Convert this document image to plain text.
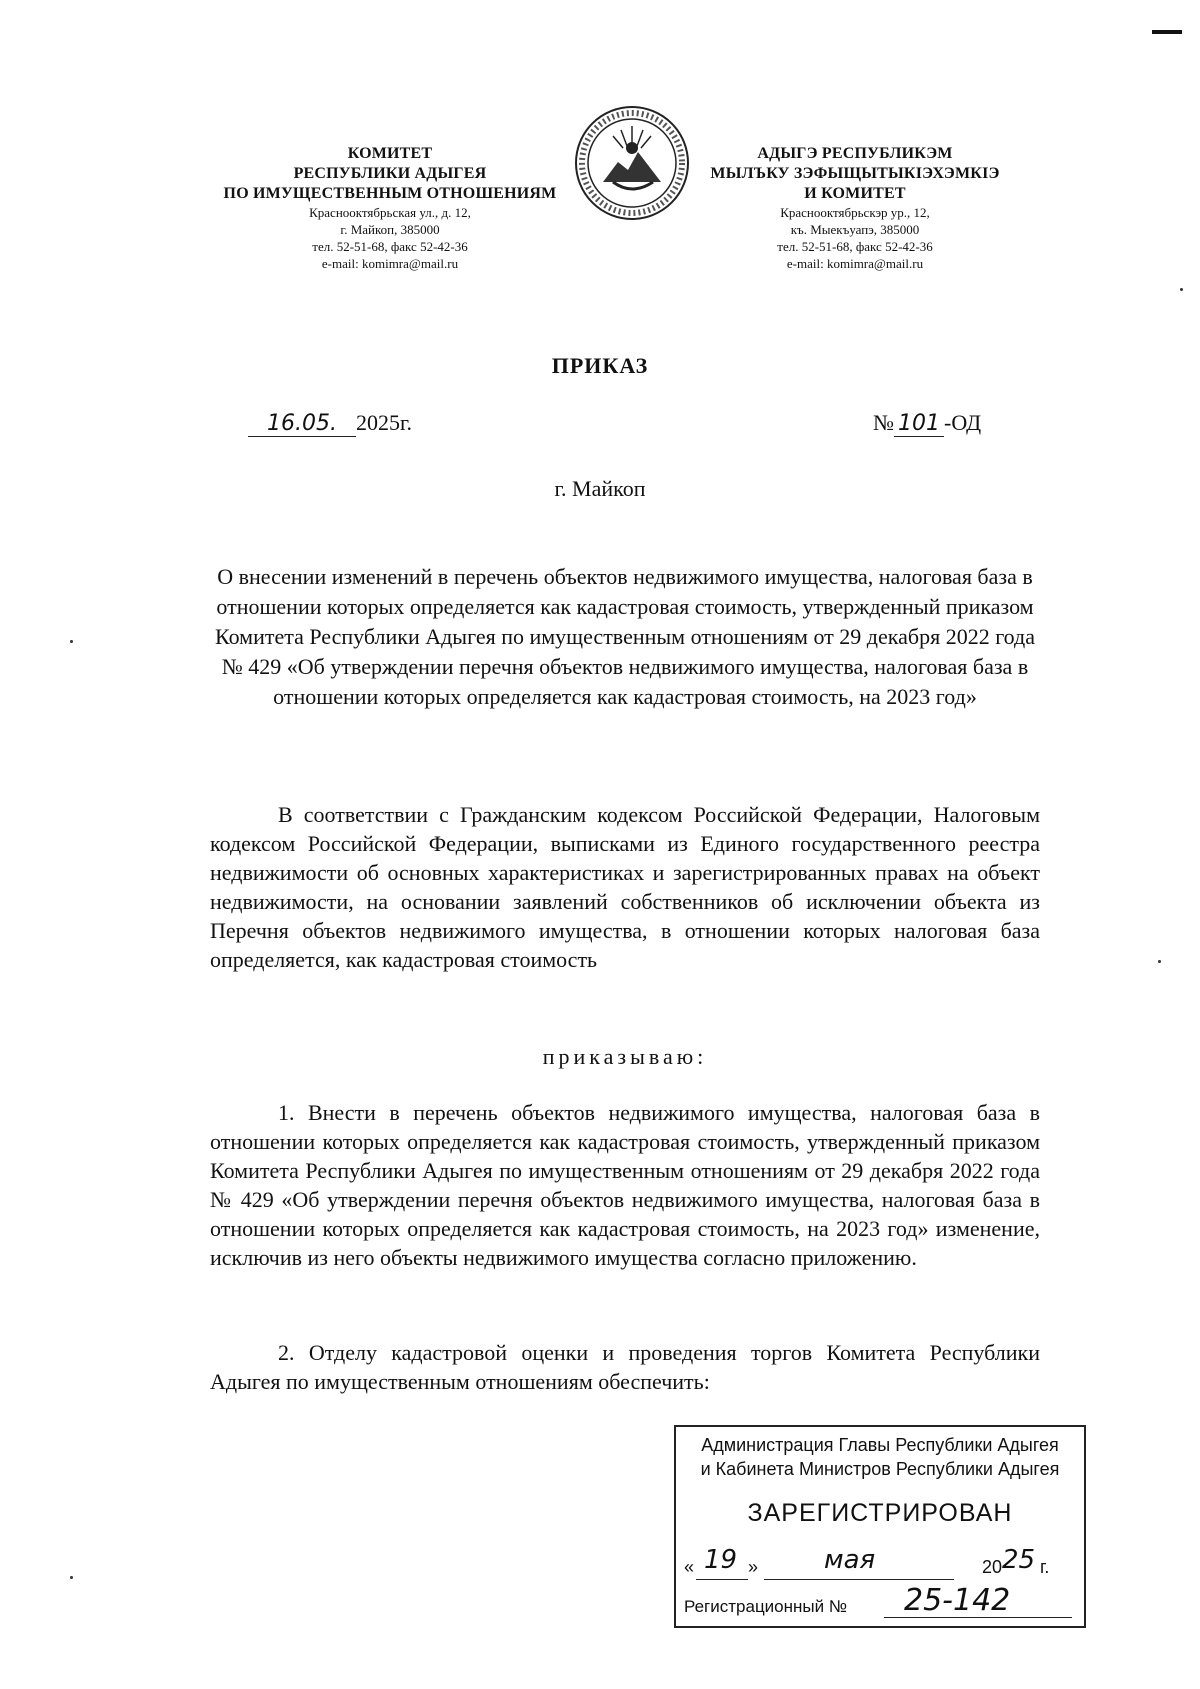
КОМИТЕТ
РЕСПУБЛИКИ АДЫГЕЯ
ПО ИМУЩЕСТВЕННЫМ ОТНОШЕНИЯМ
Краснооктябрьская ул., д. 12,
г. Майкоп, 385000
тел. 52-51-68, факс 52-42-36
e-mail: komimra@mail.ru
АДЫГЭ РЕСПУБЛИКЭМ
МЫЛЪКУ ЗЭФЫЩЫТЫКIЭХЭМКIЭ
И КОМИТЕТ
Краснооктябрьскэр ур., 12,
къ. Мыекъуапэ, 385000
тел. 52-51-68, факс 52-42-36
e-mail: komimra@mail.ru
ПРИКАЗ
16.05. 2025г.	№ 101 -ОД
г. Майкоп
О внесении изменений в перечень объектов недвижимого имущества, налоговая база в отношении которых определяется как кадастровая стоимость, утвержденный приказом Комитета Республики Адыгея по имущественным отношениям от 29 декабря 2022 года № 429 «Об утверждении перечня объектов недвижимого имущества, налоговая база в отношении которых определяется как кадастровая стоимость, на 2023 год»
В соответствии с Гражданским кодексом Российской Федерации, Налоговым кодексом Российской Федерации, выписками из Единого государственного реестра недвижимости об основных характеристиках и зарегистрированных правах на объект недвижимости, на основании заявлений собственников об исключении объекта из Перечня объектов недвижимого имущества, в отношении которых налоговая база определяется, как кадастровая стоимость
приказываю:
1. Внести в перечень объектов недвижимого имущества, налоговая база в отношении которых определяется как кадастровая стоимость, утвержденный приказом Комитета Республики Адыгея по имущественным отношениям от 29 декабря 2022 года № 429 «Об утверждении перечня объектов недвижимого имущества, налоговая база в отношении которых определяется как кадастровая стоимость, на 2023 год» изменение, исключив из него объекты недвижимого имущества согласно приложению.
2. Отделу кадастровой оценки и проведения торгов Комитета Республики Адыгея по имущественным отношениям обеспечить:
Администрация Главы Республики Адыгея
и Кабинета Министров Республики Адыгея
ЗАРЕГИСТРИРОВАН
« 19 »	мая	20 25 г.
Регистрационный № 25-142
